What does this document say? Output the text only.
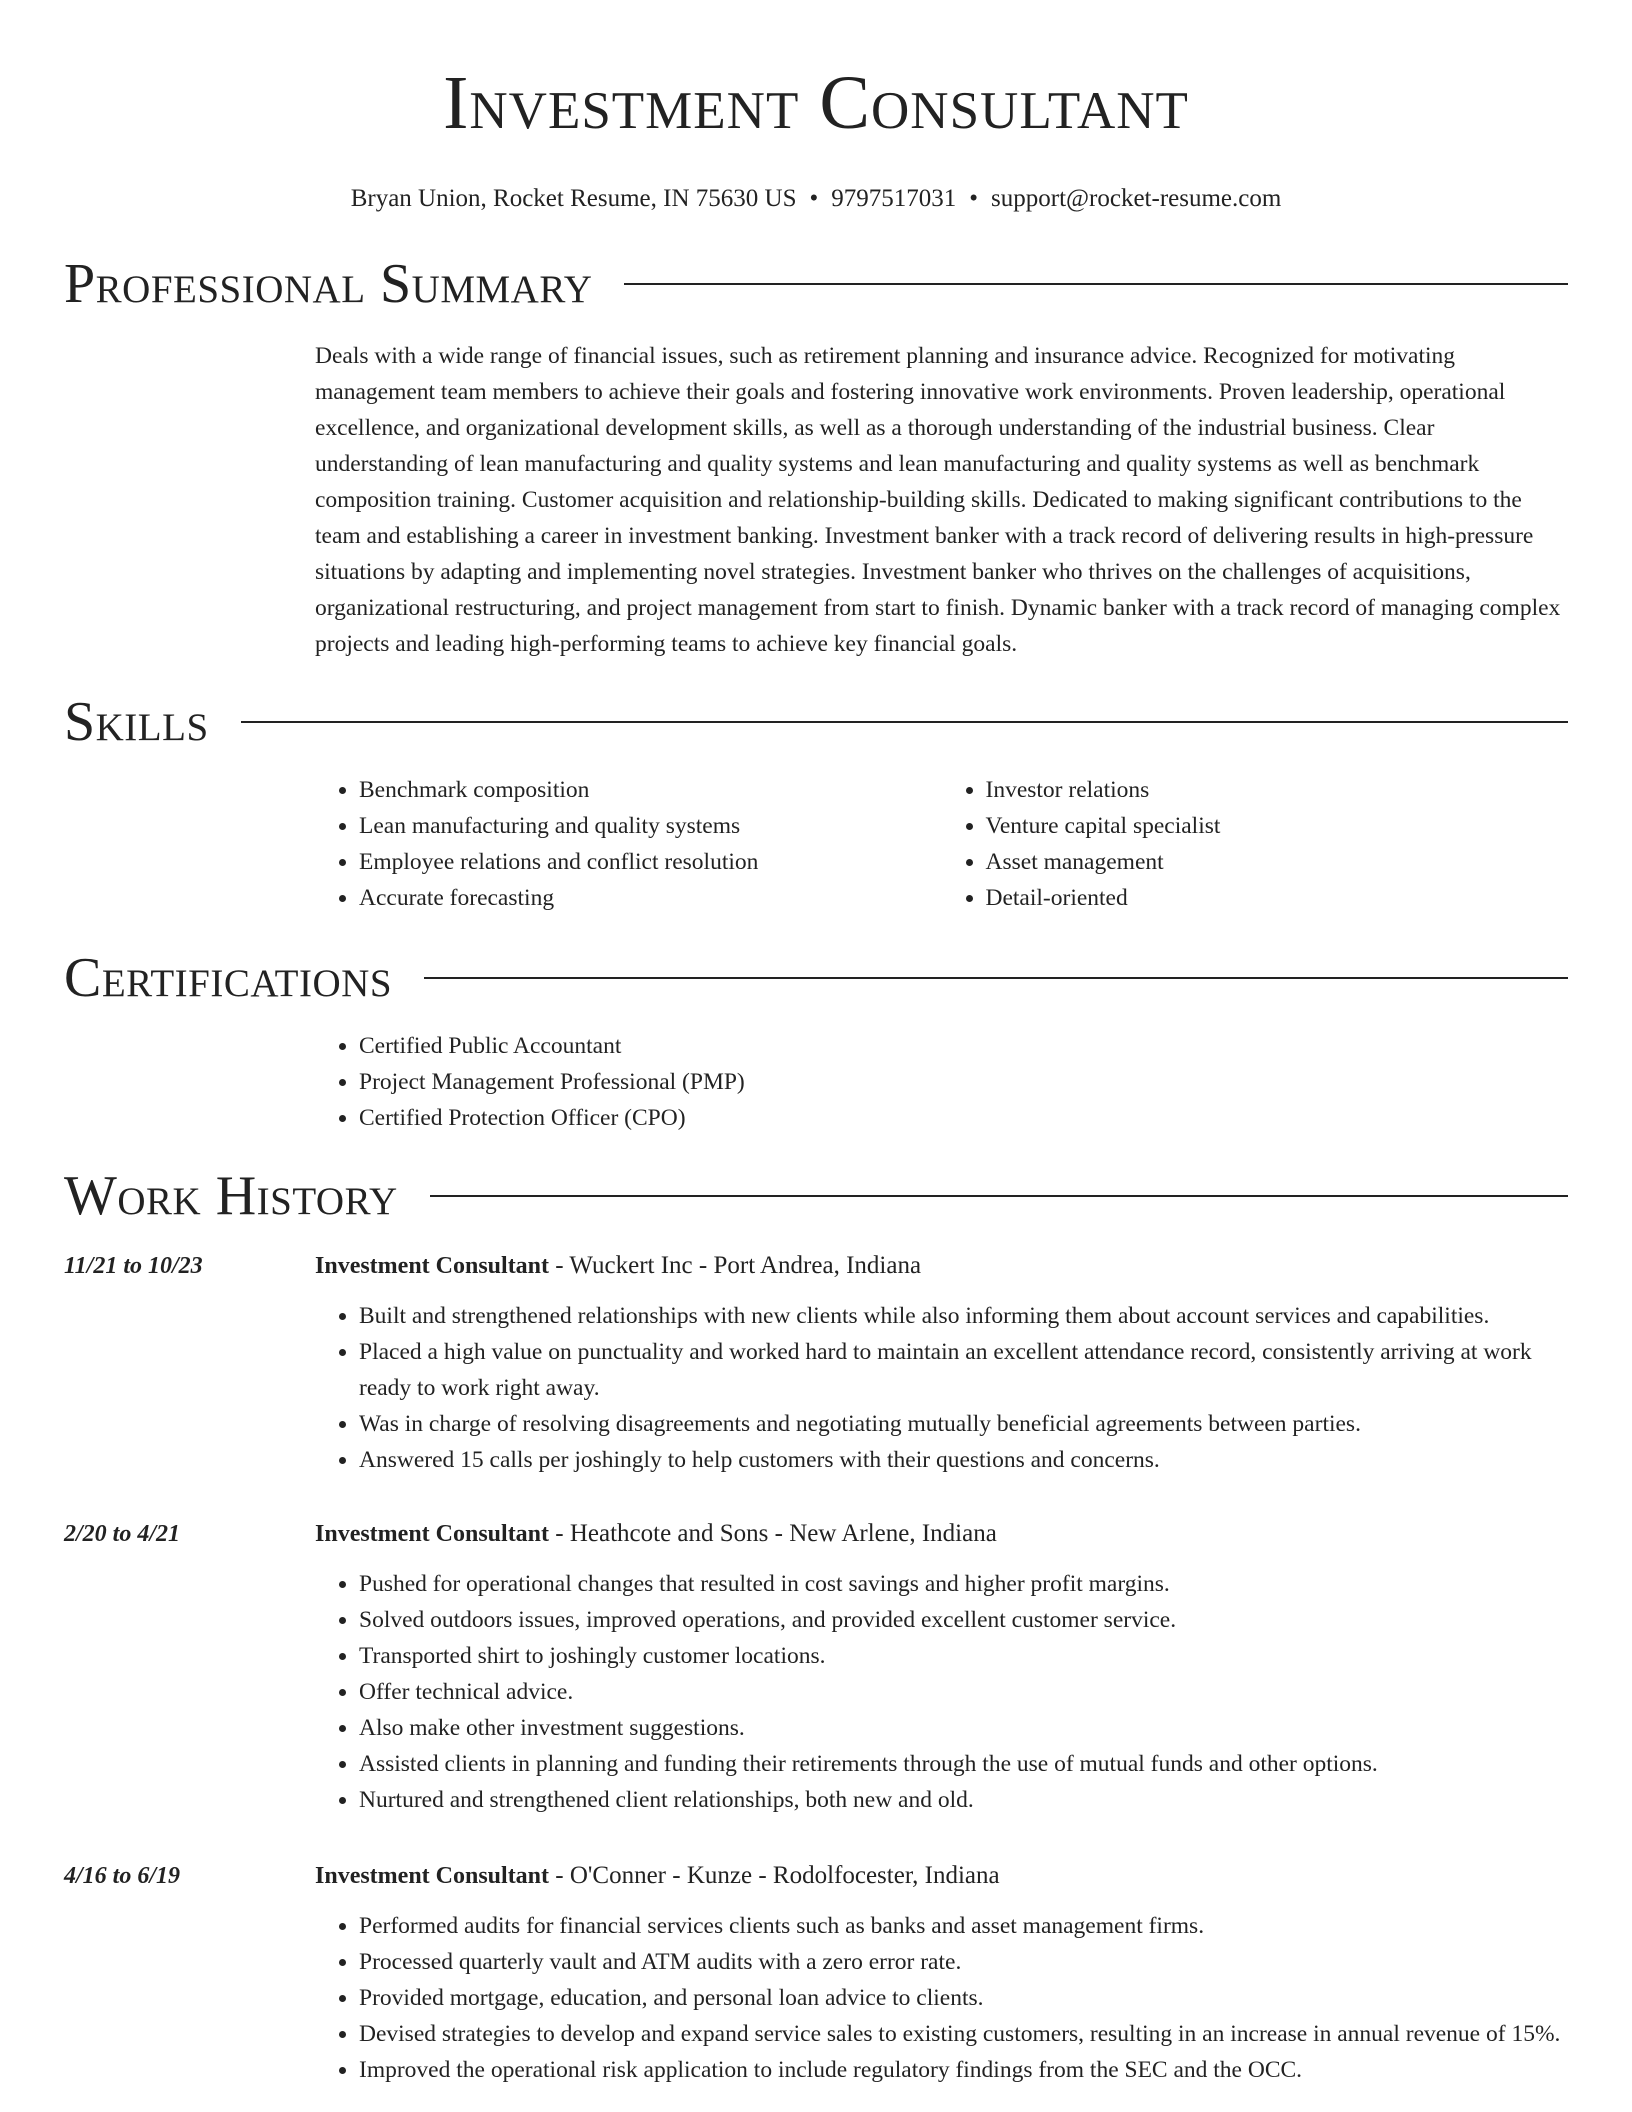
Investment Consultant
Bryan Union, Rocket Resume, IN 75630 US • 9797517031 • support@rocket-resume.com
Professional Summary

Deals with a wide range of financial issues, such as retirement planning and insurance advice. Recognized for motivating management team members to achieve their goals and fostering innovative work environments. Proven leadership, operational excellence, and organizational development skills, as well as a thorough understanding of the industrial business. Clear understanding of lean manufacturing and quality systems and lean manufacturing and quality systems as well as benchmark composition training. Customer acquisition and relationship-building skills. Dedicated to making significant contributions to the team and establishing a career in investment banking. Investment banker with a track record of delivering results in high-pressure situations by adapting and implementing novel strategies. Investment banker who thrives on the challenges of acquisitions, organizational restructuring, and project management from start to finish. Dynamic banker with a track record of managing complex projects and leading high-performing teams to achieve key financial goals.

Skills
• Benchmark composition
• Lean manufacturing and quality systems
• Employee relations and conflict resolution
• Accurate forecasting
• Investor relations
• Venture capital specialist
• Asset management
• Detail-oriented
Certifications
• Certified Public Accountant
• Project Management Professional (PMP)
• Certified Protection Officer (CPO)
Work History
11/21 to 10/23	Investment Consultant - Wuckert Inc - Port Andrea, Indiana
• Built and strengthened relationships with new clients while also informing them about account services and capabilities.
• Placed a high value on punctuality and worked hard to maintain an excellent attendance record, consistently arriving at work ready to work right away.
• Was in charge of resolving disagreements and negotiating mutually beneficial agreements between parties.
• Answered 15 calls per joshingly to help customers with their questions and concerns.
2/20 to 4/21	Investment Consultant - Heathcote and Sons - New Arlene, Indiana
• Pushed for operational changes that resulted in cost savings and higher profit margins.
• Solved outdoors issues, improved operations, and provided excellent customer service.
• Transported shirt to joshingly customer locations.
• Offer technical advice.
• Also make other investment suggestions.
• Assisted clients in planning and funding their retirements through the use of mutual funds and other options.
• Nurtured and strengthened client relationships, both new and old.
4/16 to 6/19	Investment Consultant - O'Conner - Kunze - Rodolfocester, Indiana
• Performed audits for financial services clients such as banks and asset management firms.
• Processed quarterly vault and ATM audits with a zero error rate.
• Provided mortgage, education, and personal loan advice to clients.
• Devised strategies to develop and expand service sales to existing customers, resulting in an increase in annual revenue of 15%.
• Improved the operational risk application to include regulatory findings from the SEC and the OCC.
